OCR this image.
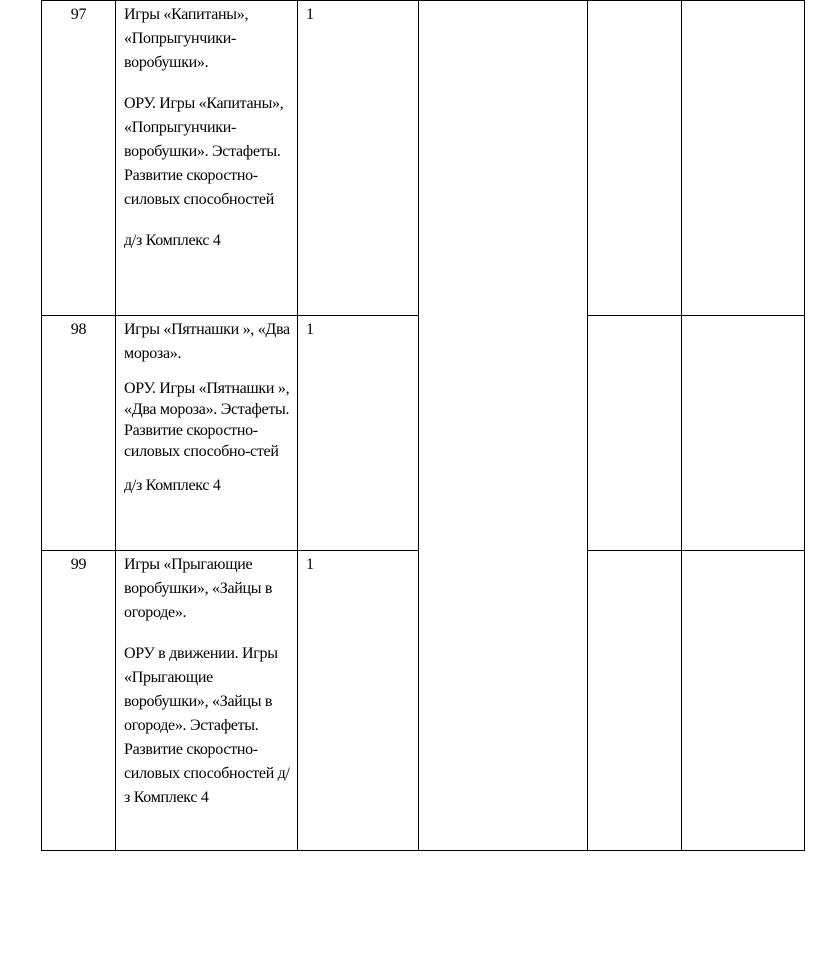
97	Игры «Капитаны», «Попрыгунчики-воробушки».

ОРУ. Игры «Капитаны», «Попрыгунчики-воробушки». Эстафеты. Развитие скоростно-силовых способностей

д/з Комплекс 4	1			
98	Игры «Пятнашки », «Два мороза».

ОРУ. Игры «Пятнашки », «Два мороза». Эстафеты. Развитие скоростно-силовых способно-стей

д/з Комплекс 4	1			
99	Игры «Прыгающие воробушки», «Зайцы в огороде».

ОРУ в движении. Игры «Прыгающие воробушки», «Зайцы в огороде». Эстафеты. Развитие скоростно-силовых способностей д/з Комплекс 4	1			
